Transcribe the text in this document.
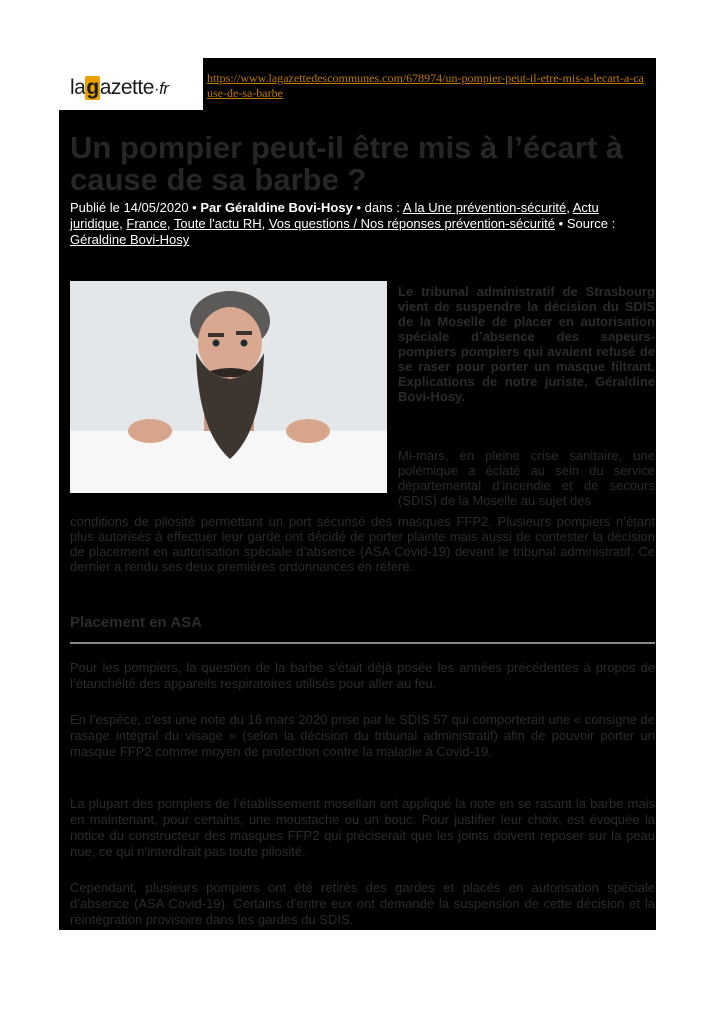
lagazette·fr
https://www.lagazettedescommunes.com/678974/un-pompier-peut-il-etre-mis-a-lecart-a-cause-de-sa-barbe
Un pompier peut-il être mis à l’écart à cause de sa barbe ?
Publié le 14/05/2020 • Par Géraldine Bovi-Hosy • dans : A la Une prévention-sécurité, Actu juridique, France, Toute l'actu RH, Vos questions / Nos réponses prévention-sécurité • Source : Géraldine Bovi-Hosy
Le tribunal administratif de Strasbourg vient de suspendre la décision du SDIS de la Moselle de placer en autorisation spéciale d’absence des sapeurs-pompiers pompiers qui avaient refusé de se raser pour porter un masque filtrant. Explications de notre juriste, Géraldine Bovi-Hosy.
Mi-mars, en pleine crise sanitaire, une polémique a éclaté au sein du service départemental d’incendie et de secours (SDIS) de la Moselle au sujet des
conditions de pilosité permettant un port sécurisé des masques FFP2. Plusieurs pompiers n’étant plus autorisés à effectuer leur garde ont décidé de porter plainte mais aussi de contester la décision de placement en autorisation spéciale d’absence (ASA Covid-19) devant le tribunal administratif. Ce dernier a rendu ses deux premières ordonnances en référé.
Placement en ASA
Pour les pompiers, la question de la barbe s’était déjà posée les années précédentes à propos de l’étanchéité des appareils respiratoires utilisés pour aller au feu.
En l’espèce, c’est une note du 16 mars 2020 prise par le SDIS 57 qui comporterait une « consigne de rasage intégral du visage » (selon la décision du tribunal administratif) afin de pouvoir porter un masque FFP2 comme moyen de protection contre la maladie à Covid-19.
La plupart des pompiers de l’établissement mosellan ont appliqué la note en se rasant la barbe mais en maintenant, pour certains, une moustache ou un bouc. Pour justifier leur choix, est évoquée la notice du constructeur des masques FFP2 qui préciserait que les joints doivent reposer sur la peau nue, ce qui n’interdirait pas toute pilosité.
Cependant, plusieurs pompiers ont été retirés des gardes et placés en autorisation spéciale d’absence (ASA Covid-19). Certains d’entre eux ont demandé la suspension de cette décision et la réintégration provisoire dans les gardes du SDIS.
